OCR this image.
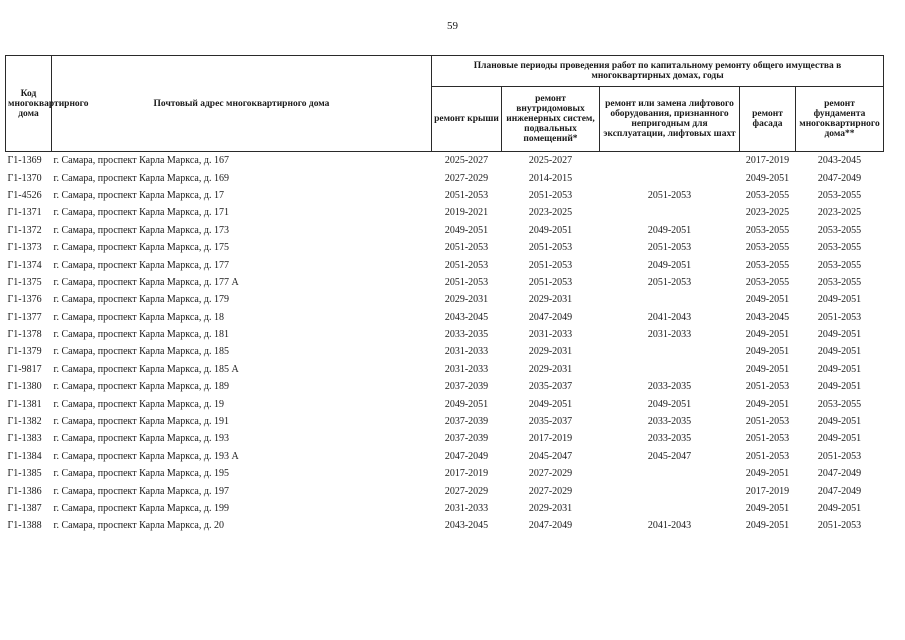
59
Код многоквартирного дома	Почтовый адрес многоквартирного дома	Плановые периоды проведения работ по капитальному ремонту общего имущества в многоквартирных домах, годы				
		ремонт крыши	ремонт внутридомовых инженерных систем, подвальных помещений*	ремонт или замена лифтового оборудования, признанного непригодным для эксплуатации, лифтовых шахт	ремонт фасада	ремонт фундамента многоквартирного дома**
Г1-1369	г. Самара, проспект Карла Маркса, д. 167	2025-2027	2025-2027		2017-2019	2043-2045
Г1-1370	г. Самара, проспект Карла Маркса, д. 169	2027-2029	2014-2015		2049-2051	2047-2049
Г1-4526	г. Самара, проспект Карла Маркса, д. 17	2051-2053	2051-2053	2051-2053	2053-2055	2053-2055
Г1-1371	г. Самара, проспект Карла Маркса, д. 171	2019-2021	2023-2025		2023-2025	2023-2025
Г1-1372	г. Самара, проспект Карла Маркса, д. 173	2049-2051	2049-2051	2049-2051	2053-2055	2053-2055
Г1-1373	г. Самара, проспект Карла Маркса, д. 175	2051-2053	2051-2053	2051-2053	2053-2055	2053-2055
Г1-1374	г. Самара, проспект Карла Маркса, д. 177	2051-2053	2051-2053	2049-2051	2053-2055	2053-2055
Г1-1375	г. Самара, проспект Карла Маркса, д. 177 А	2051-2053	2051-2053	2051-2053	2053-2055	2053-2055
Г1-1376	г. Самара, проспект Карла Маркса, д. 179	2029-2031	2029-2031		2049-2051	2049-2051
Г1-1377	г. Самара, проспект Карла Маркса, д. 18	2043-2045	2047-2049	2041-2043	2043-2045	2051-2053
Г1-1378	г. Самара, проспект Карла Маркса, д. 181	2033-2035	2031-2033	2031-2033	2049-2051	2049-2051
Г1-1379	г. Самара, проспект Карла Маркса, д. 185	2031-2033	2029-2031		2049-2051	2049-2051
Г1-9817	г. Самара, проспект Карла Маркса, д. 185 А	2031-2033	2029-2031		2049-2051	2049-2051
Г1-1380	г. Самара, проспект Карла Маркса, д. 189	2037-2039	2035-2037	2033-2035	2051-2053	2049-2051
Г1-1381	г. Самара, проспект Карла Маркса, д. 19	2049-2051	2049-2051	2049-2051	2049-2051	2053-2055
Г1-1382	г. Самара, проспект Карла Маркса, д. 191	2037-2039	2035-2037	2033-2035	2051-2053	2049-2051
Г1-1383	г. Самара, проспект Карла Маркса, д. 193	2037-2039	2017-2019	2033-2035	2051-2053	2049-2051
Г1-1384	г. Самара, проспект Карла Маркса, д. 193 А	2047-2049	2045-2047	2045-2047	2051-2053	2051-2053
Г1-1385	г. Самара, проспект Карла Маркса, д. 195	2017-2019	2027-2029		2049-2051	2047-2049
Г1-1386	г. Самара, проспект Карла Маркса, д. 197	2027-2029	2027-2029		2017-2019	2047-2049
Г1-1387	г. Самара, проспект Карла Маркса, д. 199	2031-2033	2029-2031		2049-2051	2049-2051
Г1-1388	г. Самара, проспект Карла Маркса, д. 20	2043-2045	2047-2049	2041-2043	2049-2051	2051-2053
